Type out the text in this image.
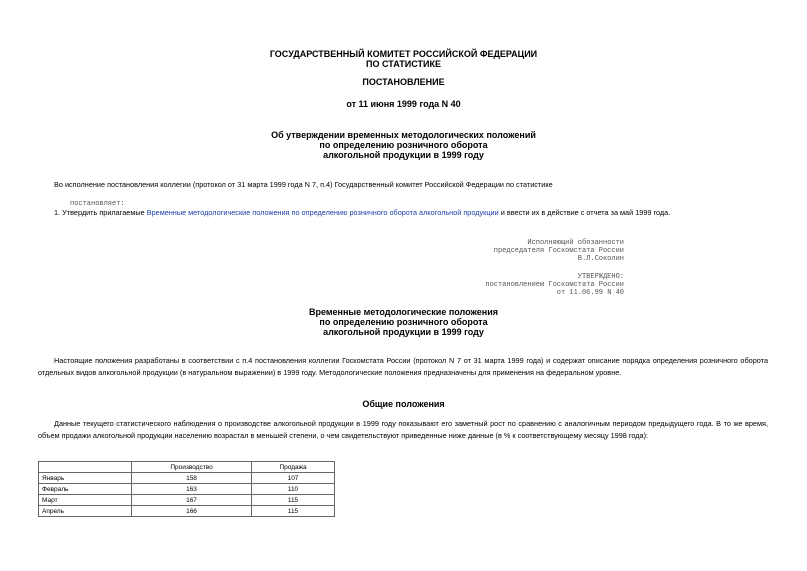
ГОСУДАРСТВЕННЫЙ КОМИТЕТ РОССИЙСКОЙ ФЕДЕРАЦИИ
ПО СТАТИСТИКЕ
ПОСТАНОВЛЕНИЕ
от 11 июня 1999 года N 40
Об утверждении временных методологических положений
по определению розничного оборота
алкогольной продукции в 1999 году
Во исполнение постановления коллегии (протокол от 31 марта 1999 года N 7, п.4) Государственный комитет Российской Федерации по статистике
постановляет:
1. Утвердить прилагаемые Временные методологические положения по определению розничного оборота алкогольной продукции и ввести их в действие с отчета за май 1999 года.
Исполняющий обязанности
председателя Госкомстата России
В.Л.Соколин
УТВЕРЖДЕНО:
постановлением Госкомстата России
от 11.06.99 N 40
Временные методологические положения
по определению розничного оборота
алкогольной продукции в 1999 году
Настоящие положения разработаны в соответствии с п.4 постановления коллегии Госкомстата России (протокол N 7 от 31 марта 1999 года) и содержат описание порядка определения розничного оборота отдельных видов алкогольной продукции (в натуральном выражении) в 1999 году. Методологические положения предназначены для применения на федеральном уровне.
Общие положения
Данные текущего статистического наблюдения о производстве алкогольной продукции в 1999 году показывают его заметный рост по сравнению с аналогичным периодом предыдущего года. В то же время, объем продажи алкогольной продукции населению возрастал в меньшей степени, о чем свидетельствуют приведенные ниже данные (в % к соответствующему месяцу 1998 года):
	Производство	Продажа
Январь	158	107
Февраль	163	110
Март	167	115
Апрель	166	115
